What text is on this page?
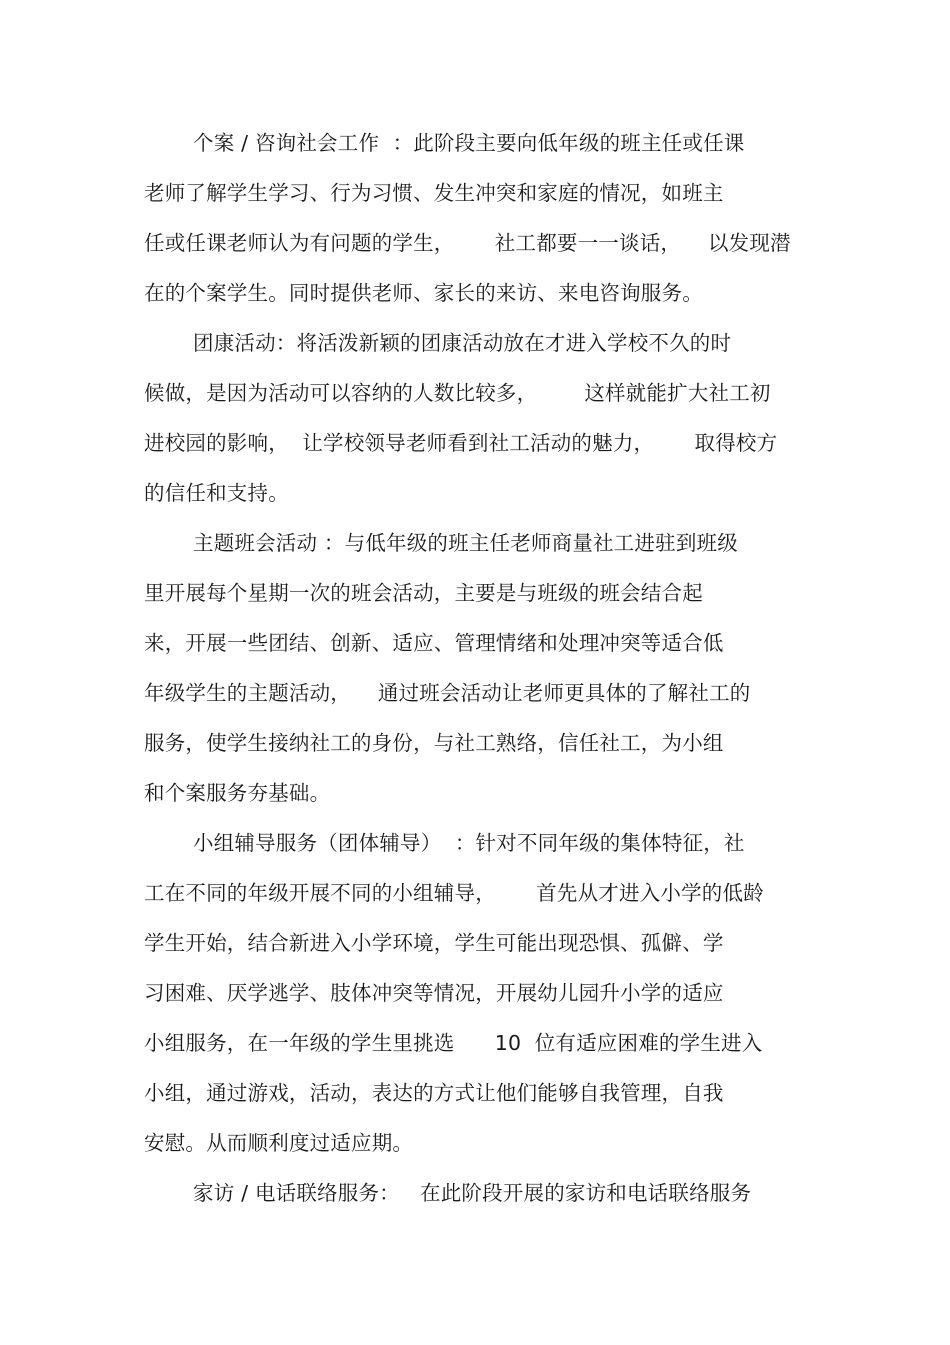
个案 / 咨询社会工作  ：此阶段主要向低年级的班主任或任课
老师了解学生学习、行为习惯、发生冲突和家庭的情况，如班主
任或任课老师认为有问题的学生，      社工都要一一谈话，    以发现潜
在的个案学生。同时提供老师、家长的来访、来电咨询服务。
团康活动：将活泼新颖的团康活动放在才进入学校不久的时
候做，是因为活动可以容纳的人数比较多，       这样就能扩大社工初
进校园的影响，  让学校领导老师看到社工活动的魅力，      取得校方
的信任和支持。
主题班会活动 ：与低年级的班主任老师商量社工进驻到班级
里开展每个星期一次的班会活动，主要是与班级的班会结合起
来，开展一些团结、创新、适应、管理情绪和处理冲突等适合低
年级学生的主题活动，    通过班会活动让老师更具体的了解社工的
服务，使学生接纳社工的身份，与社工熟络，信任社工，为小组
和个案服务夯基础。
小组辅导服务（团体辅导）  ：针对不同年级的集体特征，社
工在不同的年级开展不同的小组辅导，      首先从才进入小学的低龄
学生开始，结合新进入小学环境，学生可能出现恐惧、孤僻、学
习困难、厌学逃学、肢体冲突等情况，开展幼儿园升小学的适应
小组服务，在一年级的学生里挑选      10  位有适应困难的学生进入
小组，通过游戏，活动，表达的方式让他们能够自我管理，自我
安慰。从而顺利度过适应期。
家访 / 电话联络服务：   在此阶段开展的家访和电话联络服务
